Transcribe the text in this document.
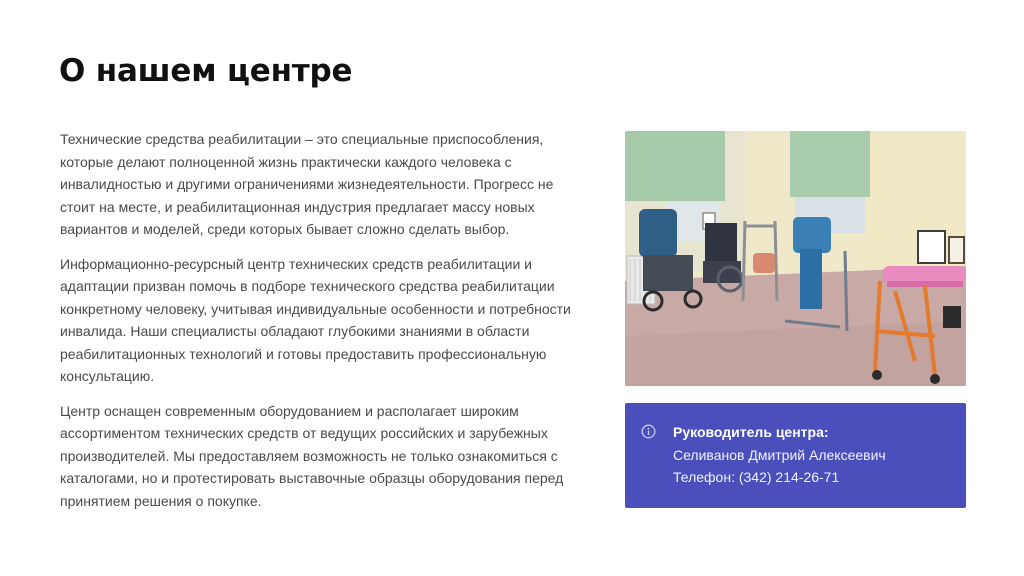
О нашем центре

Технические средства реабилитации – это специальные приспособления, которые делают полноценной жизнь практически каждого человека с инвалидностью и другими ограничениями жизнедеятельности. Прогресс не стоит на месте, и реабилитационная индустрия предлагает массу новых вариантов и моделей, среди которых бывает сложно сделать выбор.

Информационно-ресурсный центр технических средств реабилитации и адаптации призван помочь в подборе технического средства реабилитации конкретному человеку, учитывая индивидуальные особенности и потребности инвалида. Наши специалисты обладают глубокими знаниями в области реабилитационных технологий и готовы предоставить профессиональную консультацию.

Центр оснащен современным оборудованием и располагает широким ассортиментом технических средств от ведущих российских и зарубежных производителей. Мы предоставляем возможность не только ознакомиться с каталогами, но и протестировать выставочные образцы оборудования перед принятием решения о покупке.

Руководитель центра:
Селиванов Дмитрий Алексеевич
Телефон: (342) 214-26-71
